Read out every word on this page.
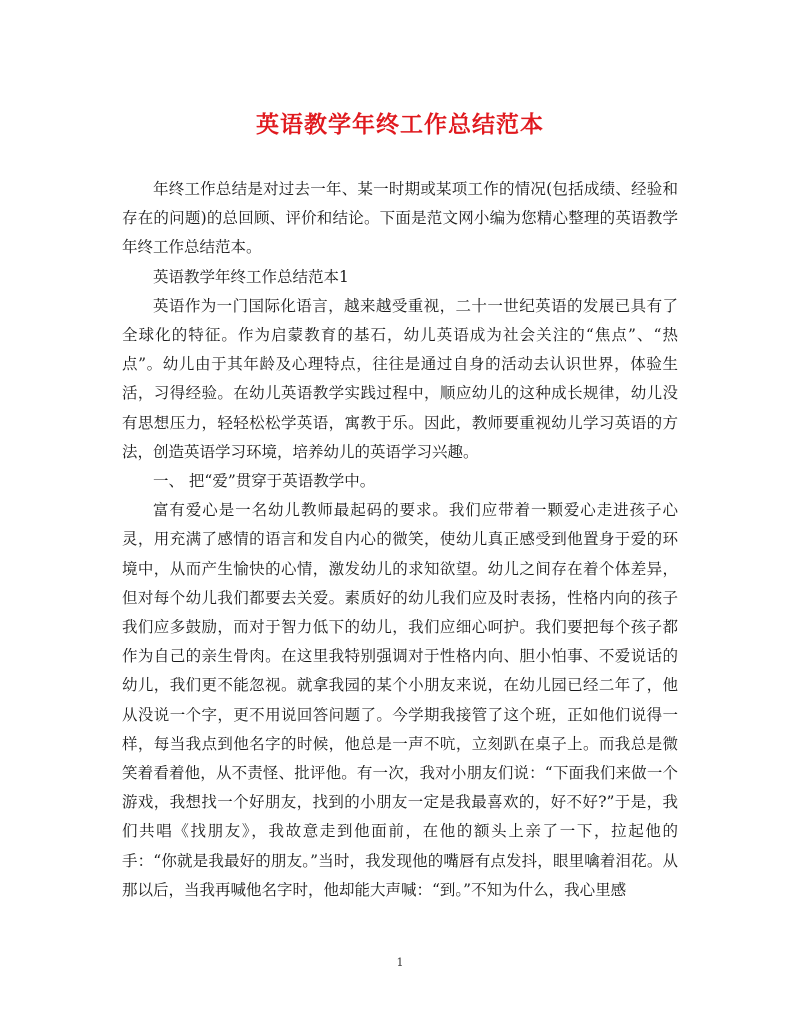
英语教学年终工作总结范本

年终工作总结是对过去一年、某一时期或某项工作的情况(包括成绩、经验和存在的问题)的总回顾、评价和结论。下面是范文网小编为您精心整理的英语教学年终工作总结范本。

英语教学年终工作总结范本1

英语作为一门国际化语言，越来越受重视，二十一世纪英语的发展已具有了全球化的特征。作为启蒙教育的基石，幼儿英语成为社会关注的“焦点”、“热点”。幼儿由于其年龄及心理特点，往往是通过自身的活动去认识世界，体验生活，习得经验。在幼儿英语教学实践过程中，顺应幼儿的这种成长规律，幼儿没有思想压力，轻轻松松学英语，寓教于乐。因此，教师要重视幼儿学习英语的方法，创造英语学习环境，培养幼儿的英语学习兴趣。

一、 把“爱”贯穿于英语教学中。

富有爱心是一名幼儿教师最起码的要求。我们应带着一颗爱心走进孩子心灵，用充满了感情的语言和发自内心的微笑，使幼儿真正感受到他置身于爱的环境中，从而产生愉快的心情，激发幼儿的求知欲望。幼儿之间存在着个体差异，但对每个幼儿我们都要去关爱。素质好的幼儿我们应及时表扬，性格内向的孩子我们应多鼓励，而对于智力低下的幼儿，我们应细心呵护。我们要把每个孩子都作为自己的亲生骨肉。在这里我特别强调对于性格内向、胆小怕事、不爱说话的幼儿，我们更不能忽视。就拿我园的某个小朋友来说，在幼儿园已经二年了，他从没说一个字，更不用说回答问题了。今学期我接管了这个班，正如他们说得一样，每当我点到他名字的时候，他总是一声不吭，立刻趴在桌子上。而我总是微笑着看着他，从不责怪、批评他。有一次，我对小朋友们说：“下面我们来做一个游戏，我想找一个好朋友，找到的小朋友一定是我最喜欢的，好不好?”于是，我们共唱《找朋友》，我故意走到他面前，在他的额头上亲了一下，拉起他的手：“你就是我最好的朋友。”当时，我发现他的嘴唇有点发抖，眼里噙着泪花。从那以后，当我再喊他名字时，他却能大声喊：“到。”不知为什么，我心里感

1
